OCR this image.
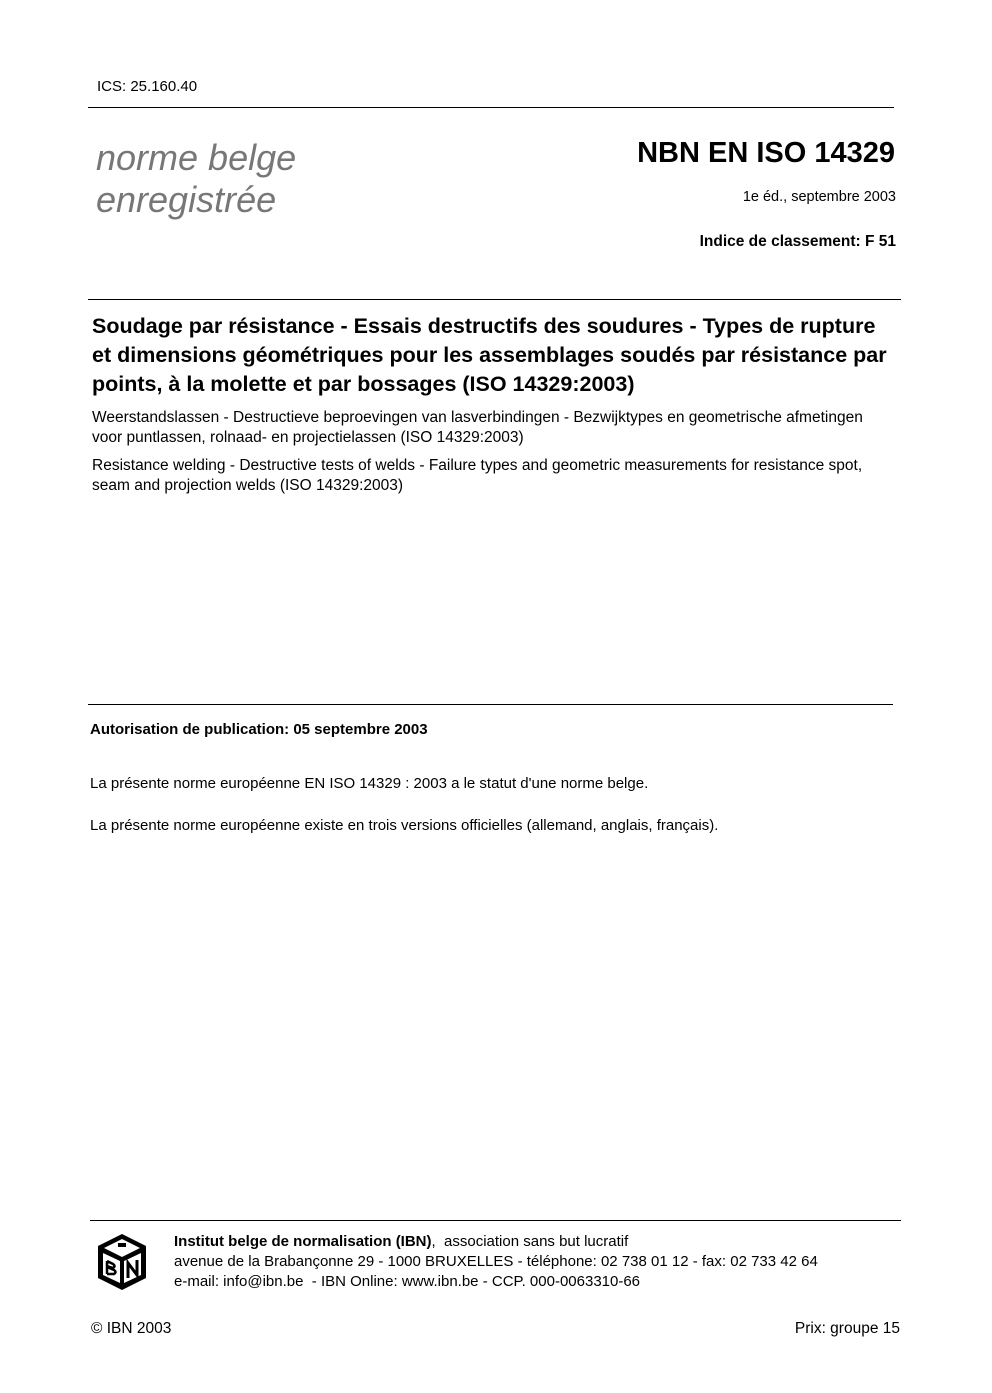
ICS: 25.160.40
norme belge
enregistrée
NBN EN ISO 14329
1e éd., septembre 2003
Indice de classement: F 51
Soudage par résistance - Essais destructifs des soudures - Types de rupture et dimensions géométriques pour les assemblages soudés par résistance par points, à la molette et par bossages (ISO 14329:2003)
Weerstandslassen - Destructieve beproevingen van lasverbindingen - Bezwijktypes en geometrische afmetingen voor puntlassen, rolnaad- en projectielassen (ISO 14329:2003)
Resistance welding - Destructive tests of welds - Failure types and geometric measurements for resistance spot, seam and projection welds (ISO 14329:2003)
Autorisation de publication: 05 septembre 2003
La présente norme européenne EN ISO 14329 : 2003 a le statut d'une norme belge.
La présente norme européenne existe en trois versions officielles (allemand, anglais, français).
Institut belge de normalisation (IBN),  association sans but lucratif
avenue de la Brabançonne 29 - 1000 BRUXELLES - téléphone: 02 738 01 12 - fax: 02 733 42 64
e-mail: info@ibn.be  - IBN Online: www.ibn.be - CCP. 000-0063310-66
© IBN 2003	Prix: groupe 15
